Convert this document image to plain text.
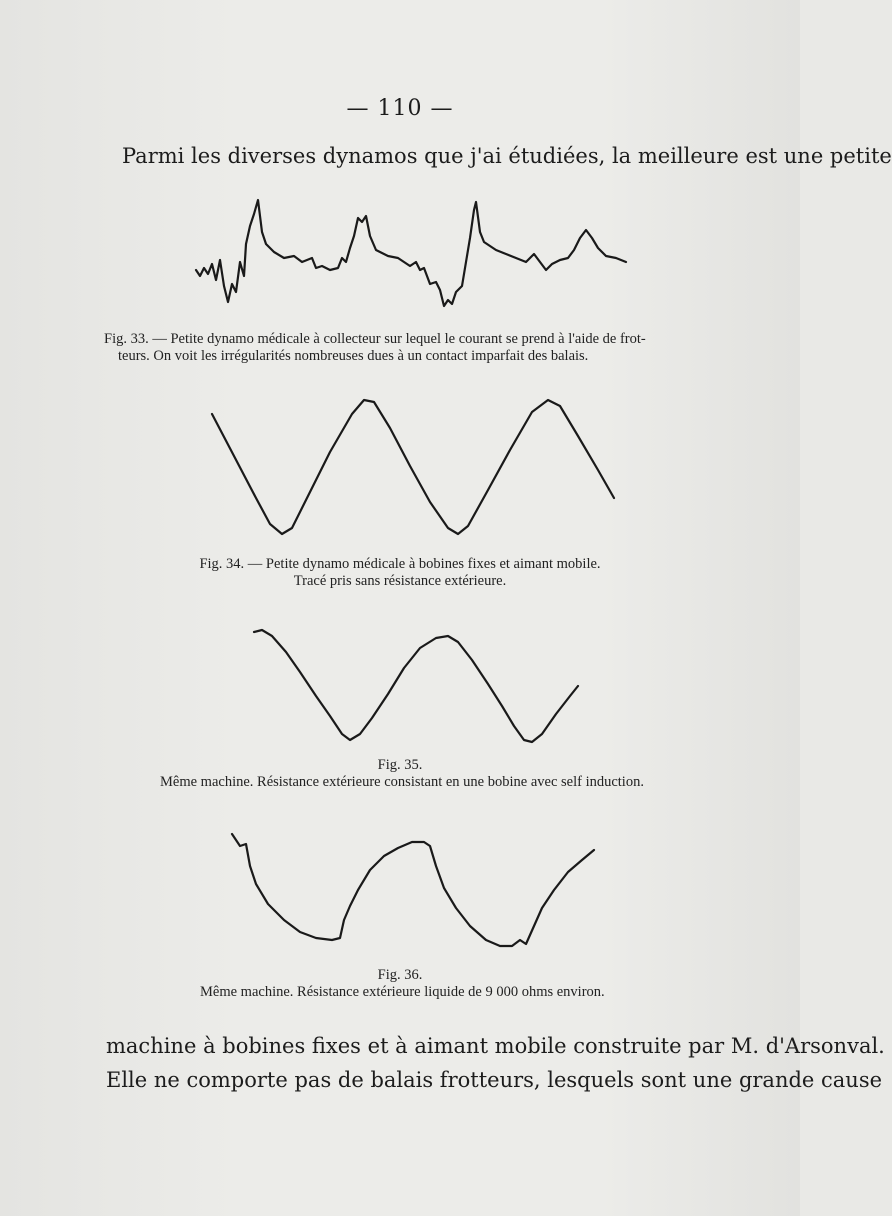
— 110 —
Parmi les diverses dynamos que j'ai étudiées, la meilleure est une petite
Fig. 33. — Petite dynamo médicale à collecteur sur lequel le courant se prend à l'aide de frot-
teurs. On voit les irrégularités nombreuses dues à un contact imparfait des balais.
Fig. 34. — Petite dynamo médicale à bobines fixes et aimant mobile.
Tracé pris sans résistance extérieure.
Fig. 35.
Même machine. Résistance extérieure consistant en une bobine avec self induction.
Fig. 36.
Même machine. Résistance extérieure liquide de 9 000 ohms environ.
machine à bobines fixes et à aimant mobile construite par M. d'Arsonval.
Elle ne comporte pas de balais frotteurs, lesquels sont une grande cause
